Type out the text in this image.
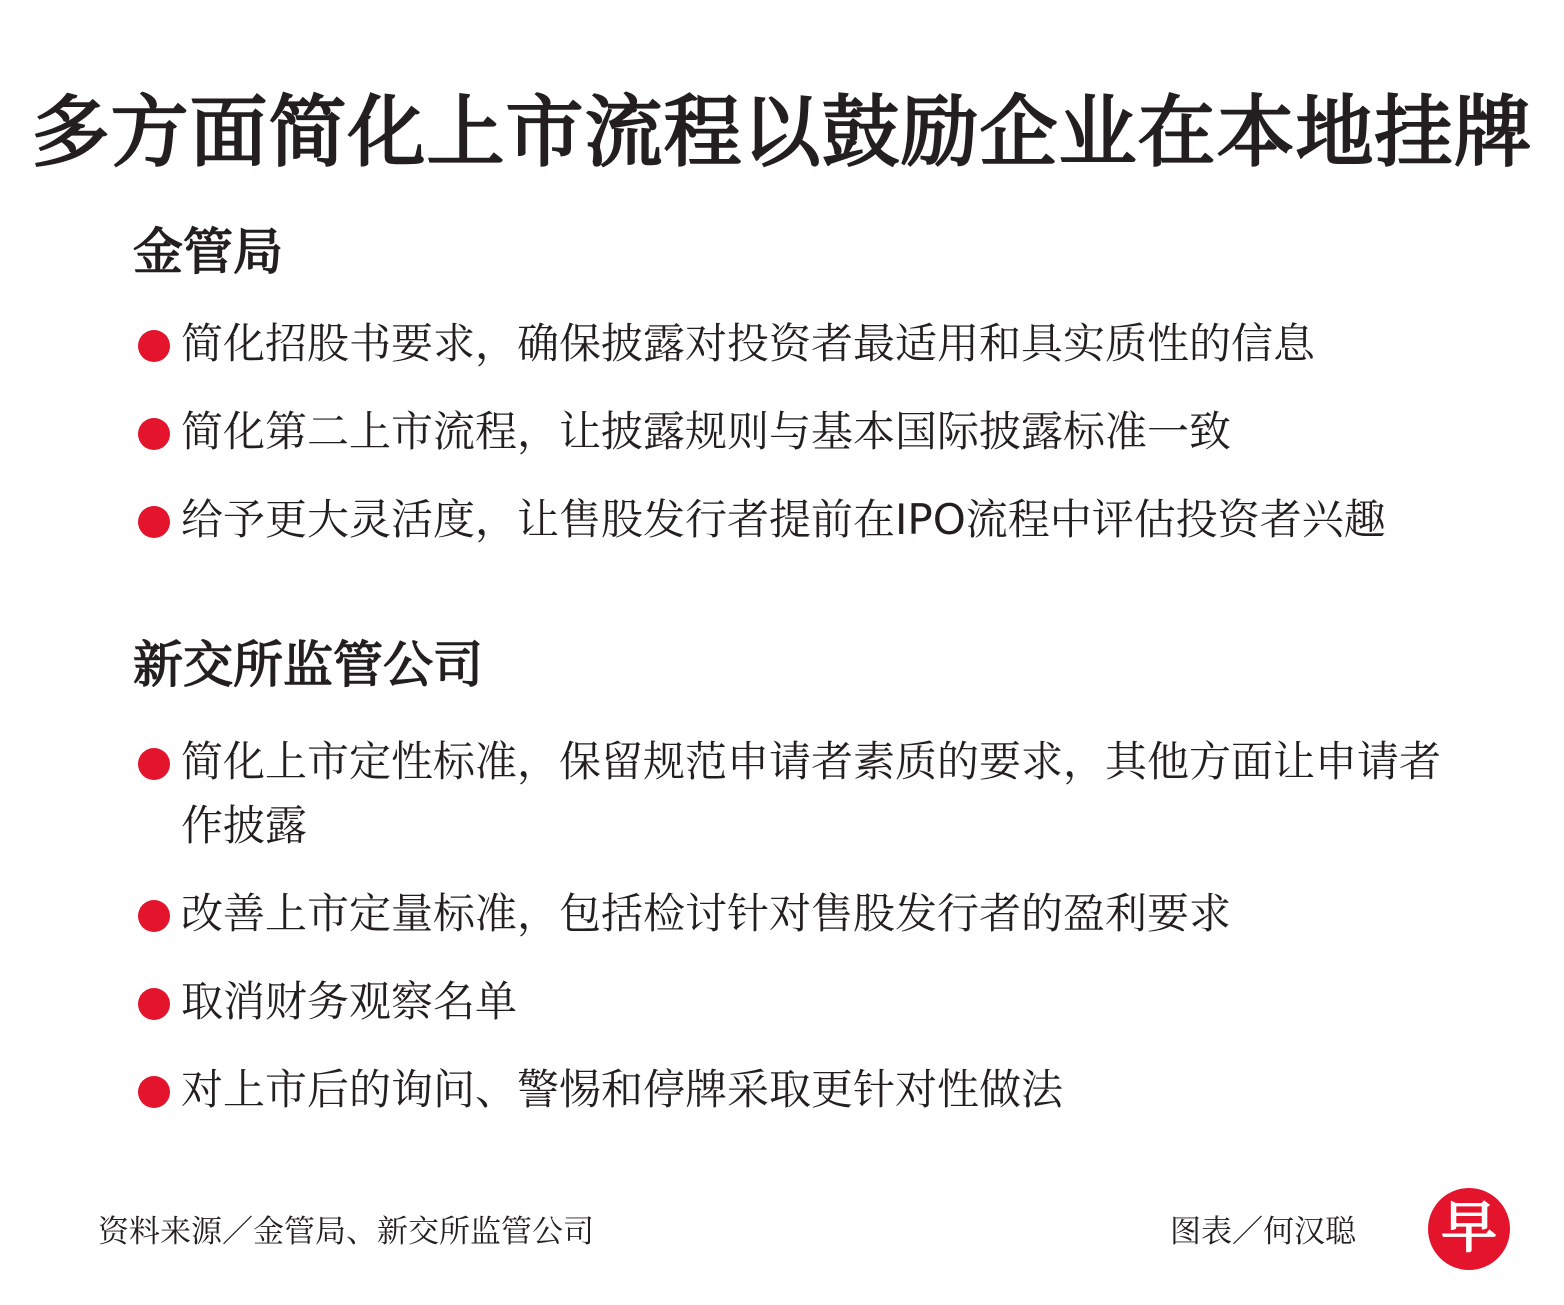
多方面简化上市流程以鼓励企业在本地挂牌
金管局
简化招股书要求，确保披露对投资者最适用和具实质性的信息
简化第二上市流程，让披露规则与基本国际披露标准一致
给予更大灵活度，让售股发行者提前在IPO流程中评估投资者兴趣
新交所监管公司
简化上市定性标准，保留规范申请者素质的要求，其他方面让申请者作披露
改善上市定量标准，包括检讨针对售股发行者的盈利要求
取消财务观察名单
对上市后的询问、警惕和停牌采取更针对性做法
资料来源／金管局、新交所监管公司	图表／何汉聪 早
